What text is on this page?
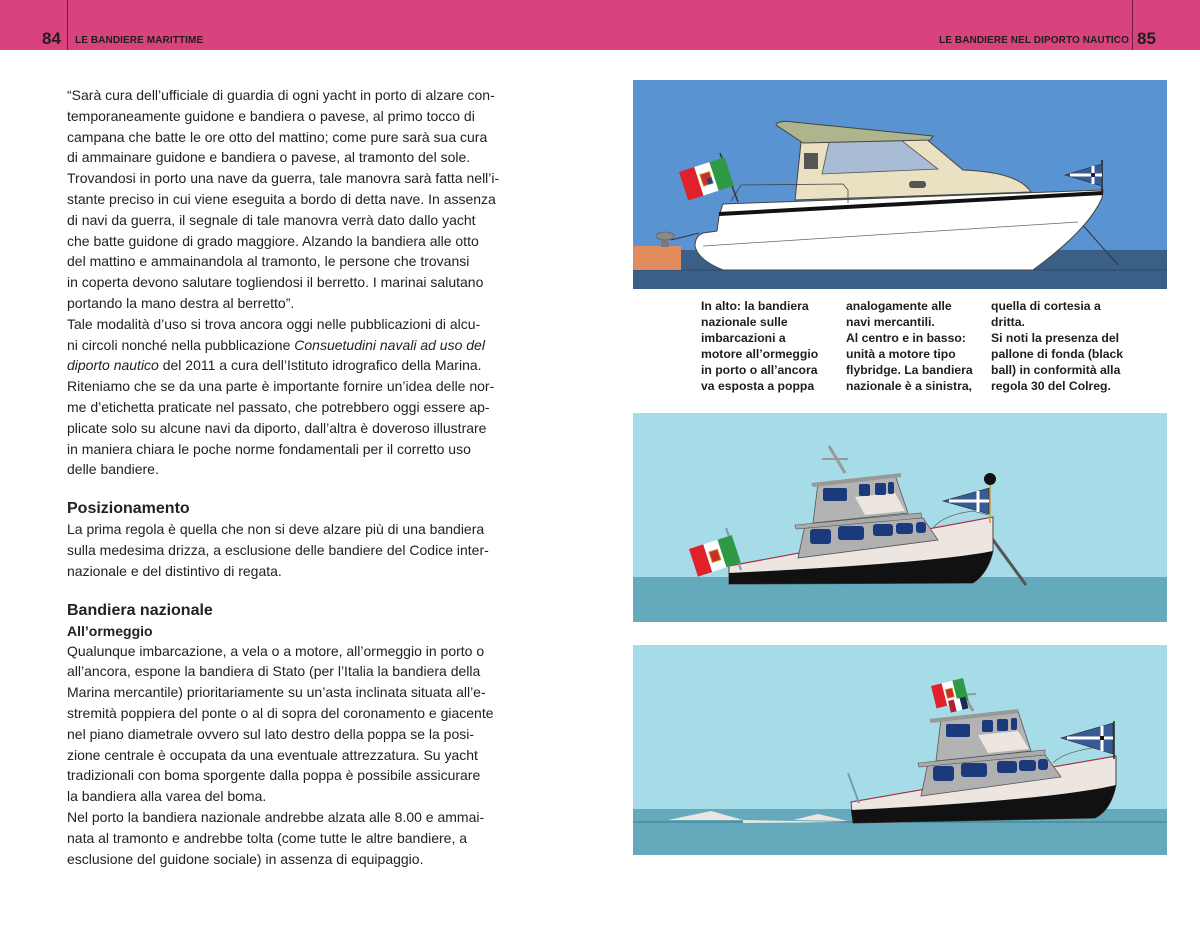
84 LE BANDIERE MARITTIME	LE BANDIERE NEL DIPORTO NAUTICO 85

“Sarà cura dell’ufficiale di guardia di ogni yacht in porto di alzare con-
temporaneamente guidone e bandiera o pavese, al primo tocco di
campana che batte le ore otto del mattino; come pure sarà sua cura
di ammainare guidone e bandiera o pavese, al tramonto del sole.
Trovandosi in porto una nave da guerra, tale manovra sarà fatta nell’i-
stante preciso in cui viene eseguita a bordo di detta nave. In assenza
di navi da guerra, il segnale di tale manovra verrà dato dallo yacht
che batte guidone di grado maggiore. Alzando la bandiera alle otto
del mattino e ammainandola al tramonto, le persone che trovansi
in coperta devono salutare togliendosi il berretto. I marinai salutano
portando la mano destra al berretto”.

Tale modalità d’uso si trova ancora oggi nelle pubblicazioni di alcu-
ni circoli nonché nella pubblicazione Consuetudini navali ad uso del
diporto nautico del 2011 a cura dell’Istituto idrografico della Marina.

Riteniamo che se da una parte è importante fornire un’idea delle nor-
me d’etichetta praticate nel passato, che potrebbero oggi essere ap-
plicate solo su alcune navi da diporto, dall’altra è doveroso illustrare
in maniera chiara le poche norme fondamentali per il corretto uso
delle bandiere.

Posizionamento

La prima regola è quella che non si deve alzare più di una bandiera
sulla medesima drizza, a esclusione delle bandiere del Codice inter-
nazionale e del distintivo di regata.

Bandiera nazionale

All’ormeggio

Qualunque imbarcazione, a vela o a motore, all’ormeggio in porto o
all’ancora, espone la bandiera di Stato (per l’Italia la bandiera della
Marina mercantile) prioritariamente su un’asta inclinata situata all’e-
stremità poppiera del ponte o al di sopra del coronamento e giacente
nel piano diametrale ovvero sul lato destro della poppa se la posi-
zione centrale è occupata da una eventuale attrezzatura. Su yacht
tradizionali con boma sporgente dalla poppa è possibile assicurare
la bandiera alla varea del boma.

Nel porto la bandiera nazionale andrebbe alzata alle 8.00 e ammai-
nata al tramonto e andrebbe tolta (come tutte le altre bandiere, a
esclusione del guidone sociale) in assenza di equipaggio.

In alto: la bandiera
nazionale sulle
imbarcazioni a
motore all’ormeggio
in porto o all’ancora
va esposta a poppa
analogamente alle
navi mercantili.
Al centro e in basso:
unità a motore tipo
flybridge. La bandiera
nazionale è a sinistra,
quella di cortesia a
dritta.
Si noti la presenza del
pallone di fonda (black
ball) in conformità alla
regola 30 del Colreg.
